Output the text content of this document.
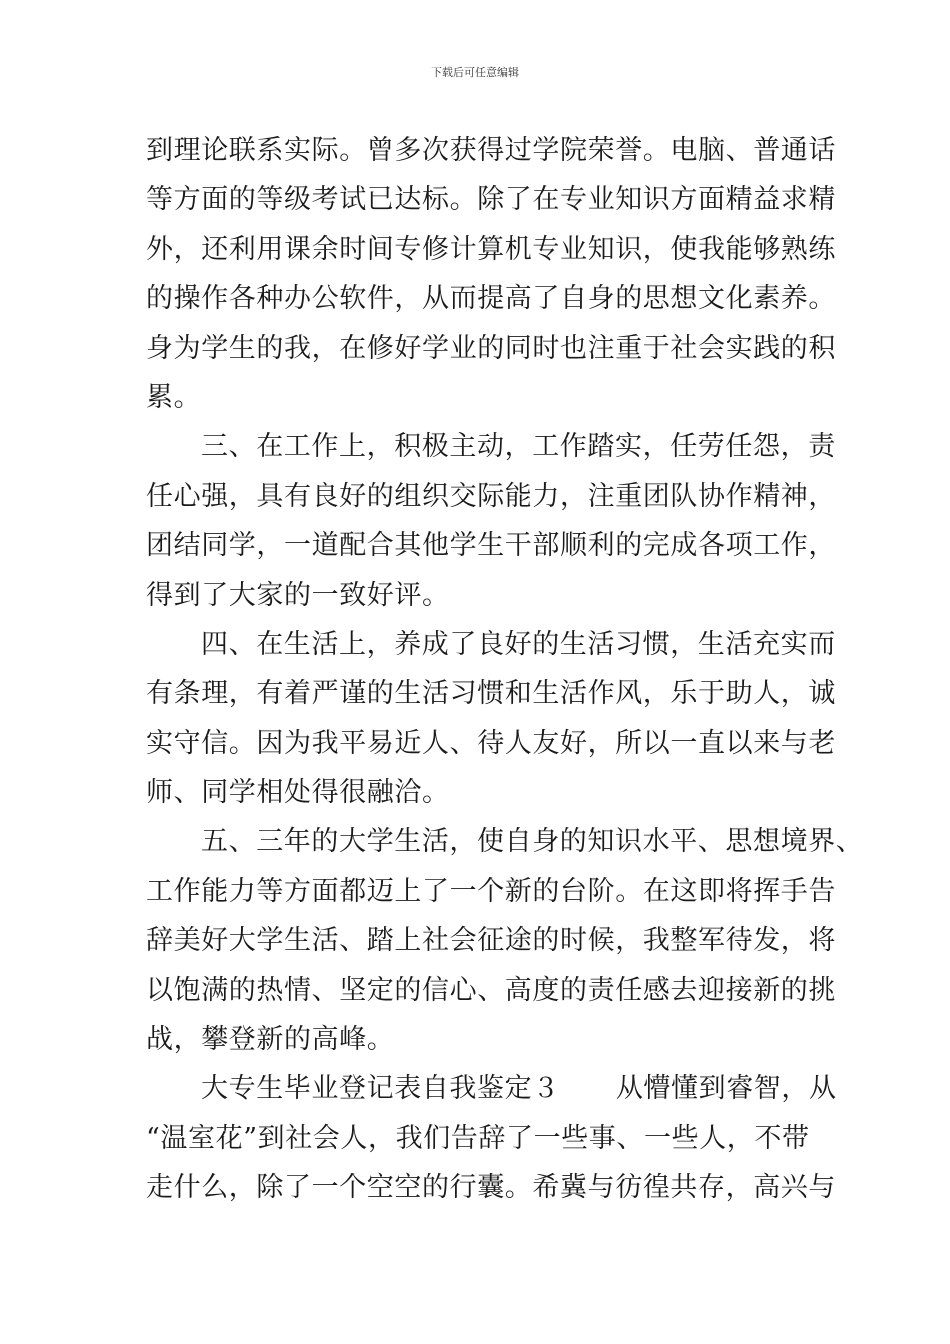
下载后可任意编辑
到理论联系实际。曾多次获得过学院荣誉。电脑、普通话
等方面的等级考试已达标。除了在专业知识方面精益求精
外，还利用课余时间专修计算机专业知识，使我能够熟练
的操作各种办公软件，从而提高了自身的思想文化素养。
身为学生的我，在修好学业的同时也注重于社会实践的积
累。
三、在工作上，积极主动，工作踏实，任劳任怨，责
任心强，具有良好的组织交际能力，注重团队协作精神，
团结同学，一道配合其他学生干部顺利的完成各项工作，
得到了大家的一致好评。
四、在生活上，养成了良好的生活习惯，生活充实而
有条理，有着严谨的生活习惯和生活作风，乐于助人，诚
实守信。因为我平易近人、待人友好，所以一直以来与老
师、同学相处得很融洽。
五、三年的大学生活，使自身的知识水平、思想境界、
工作能力等方面都迈上了一个新的台阶。在这即将挥手告
辞美好大学生活、踏上社会征途的时候，我整军待发，将
以饱满的热情、坚定的信心、高度的责任感去迎接新的挑
战，攀登新的高峰。
大专生毕业登记表自我鉴定３ 从懵懂到睿智，从
“温室花”到社会人，我们告辞了一些事、一些人，不带
走什么，除了一个空空的行囊。希冀与彷徨共存，高兴与
